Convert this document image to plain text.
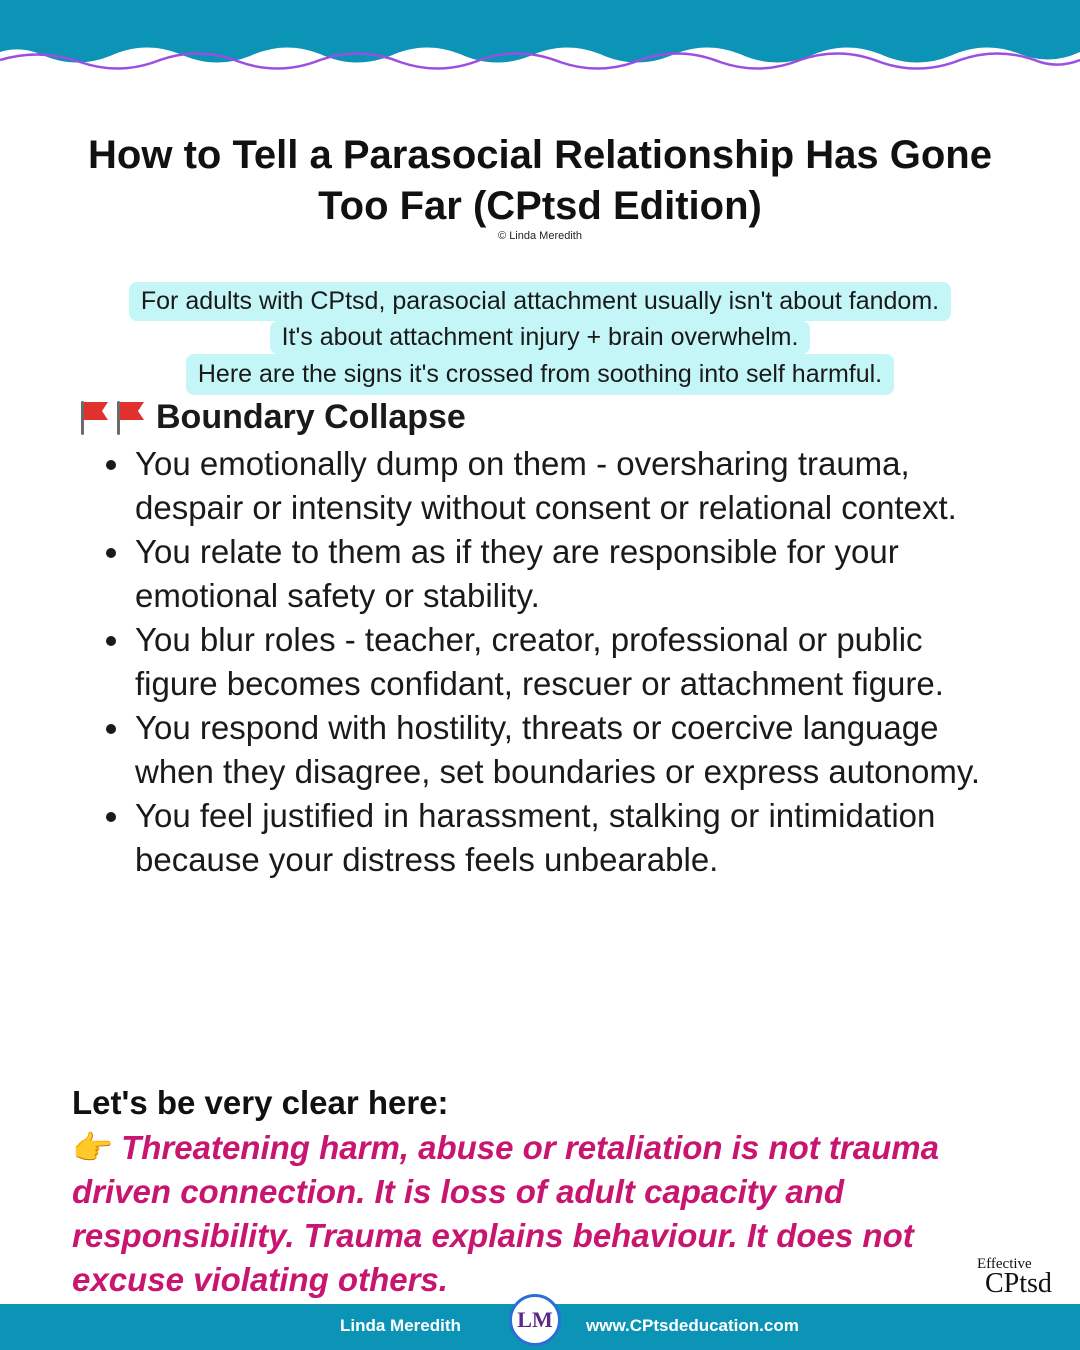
How to Tell a Parasocial Relationship Has Gone Too Far (CPtsd Edition)
© Linda Meredith
For adults with CPtsd, parasocial attachment usually isn't about fandom.
It's about attachment injury + brain overwhelm.
Here are the signs it's crossed from soothing into self harmful.
Boundary Collapse
You emotionally dump on them - oversharing trauma, despair or intensity without consent or relational context.
You relate to them as if they are responsible for your emotional safety or stability.
You blur roles - teacher, creator, professional or public figure becomes confidant, rescuer or attachment figure.
You respond with hostility, threats or coercive language when they disagree, set boundaries or express autonomy.
You feel justified in harassment, stalking or intimidation because your distress feels unbearable.
Let's be very clear here:
👉 Threatening harm, abuse or retaliation is not trauma driven connection. It is loss of adult capacity and responsibility. Trauma explains behaviour. It does not excuse violating others.	Effective
CPtsd
Linda Meredith	LM	www.CPtsdeducation.com
